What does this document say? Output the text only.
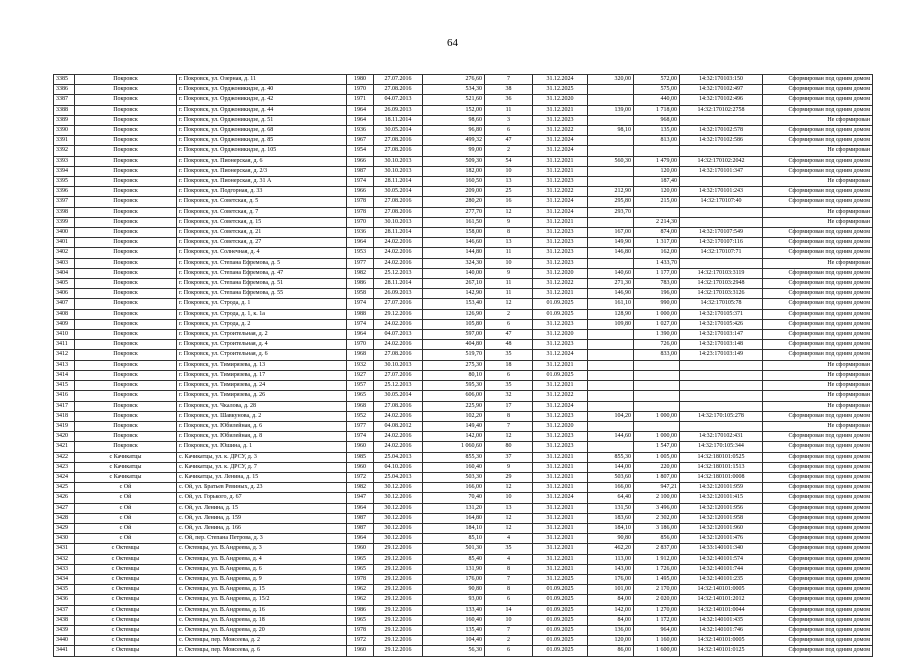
64
3385	Покровск	г. Покровск, ул. Озерная, д. 11	1980	27.07.2016	276,60	7	31.12.2024	320,00	572,00	14:32:170103:150	Сформирован под одним домом
3386	Покровск	г. Покровск, ул. Орджоникидзе, д. 40	1970	27.08.2016	534,30	38	31.12.2025		575,00	14:32:170102:497	Сформирован под одним домом
3387	Покровск	г. Покровск, ул. Орджоникидзе, д. 42	1971	04.07.2013	521,60	36	31.12.2020		440,00	14:32:170102:496	Сформирован под одним домом
3388	Покровск	г. Покровск, ул. Орджоникидзе, д. 44	1964	26.09.2013	152,00	11	31.12.2021	139,00	1 718,00	14:32:170102:2758	Сформирован под одним домом
3389	Покровск	г. Покровск, ул. Орджоникидзе, д. 51	1964	18.11.2014	98,60	3	31.12.2023		968,00		Не сформирован
3390	Покровск	г. Покровск, ул. Орджоникидзе, д. 68	1936	30.05.2014	96,80	6	31.12.2022	98,10	135,00	14:32:170102:578	Сформирован под одним домом
3391	Покровск	г. Покровск, ул. Орджоникидзе, д. 85	1967	27.08.2016	499,32	47	31.12.2024		813,00	14:32:170102:586	Сформирован под одним домом
3392	Покровск	г. Покровск, ул. Орджоникидзе, д. 105	1954	27.08.2016	99,00	2	31.12.2024				Не сформирован
3393	Покровск	г. Покровск, ул. Пионерская, д. 6	1966	30.10.2013	509,30	54	31.12.2021	560,30	1 479,00	14:32:170102:2042	Сформирован под одним домом
3394	Покровск	г. Покровск, ул. Пионерская, д. 2/3	1987	30.10.2013	182,00	10	31.12.2021		120,00	14:32:170101:347	Сформирован под одним домом
3395	Покровск	г. Покровск, ул. Пионерская, д. 31 А	1974	28.11.2014	160,50	13	31.12.2023		187,40		Не сформирован
3396	Покровск	г. Покровск, ул. Подгорная, д. 33	1966	30.05.2014	209,00	25	31.12.2022	212,90	120,00	14:32:170101:243	Сформирован под одним домом
3397	Покровск	г. Покровск, ул. Советская, д. 5	1978	27.08.2016	280,20	16	31.12.2024	295,80	215,00	14:32:170107:40	Сформирован под одним домом
3398	Покровск	г. Покровск, ул. Советская, д. 7	1978	27.08.2016	277,70	12	31.12.2024	293,70			Не сформирован
3399	Покровск	г. Покровск, ул. Советская, д. 15	1970	30.10.2013	161,50	9	31.12.2021		2 214,30		Не сформирован
3400	Покровск	г. Покровск, ул. Советская, д. 21	1936	28.11.2014	158,00	8	31.12.2023	167,00	874,00	14:32:170107:549	Сформирован под одним домом
3401	Покровск	г. Покровск, ул. Советская, д. 27	1964	24.02.2016	146,60	13	31.12.2023	149,90	1 317,00	14:32:170107:116	Сформирован под одним домом
3402	Покровск	г. Покровск, ул. Солнечная, д. 4	1953	24.02.2016	144,80	11	31.12.2023	146,80	162,00	14:32:170107:71	Сформирован под одним домом
3403	Покровск	г. Покровск, ул. Степана Ефремова, д. 5	1977	24.02.2016	324,30	10	31.12.2023		1 433,70		Не сформирован
3404	Покровск	г. Покровск, ул. Степана Ефремова, д. 47	1982	25.12.2013	140,00	9	31.12.2020	140,60	1 177,00	14:32:170103:3119	Сформирован под одним домом
3405	Покровск	г. Покровск, ул. Степана Ефремова, д. 51	1986	28.11.2014	267,10	11	31.12.2022	271,30	783,00	14:32:170103:2948	Сформирован под одним домом
3406	Покровск	г. Покровск, ул. Степана Ефремова, д. 55	1958	26.09.2013	142,90	11	31.12.2021	146,90	196,00	14:32:170103:3126	Сформирован под одним домом
3407	Покровск	г. Покровск, ул. Строда, д. 1	1974	27.07.2016	153,40	12	01.09.2025	161,10	990,00	14:32:170105:78	Сформирован под одним домом
3408	Покровск	г. Покровск, ул. Строда, д. 1, к. 1а	1988	29.12.2016	126,90	2	01.09.2025	128,90	1 000,00	14:32:170105:371	Сформирован под одним домом
3409	Покровск	г. Покровск, ул. Строда, д. 2	1974	24.02.2016	105,80	6	31.12.2023	109,80	1 027,00	14:32:170105:426	Сформирован под одним домом
3410	Покровск	г. Покровск, ул. Строительная, д. 2	1964	04.07.2013	597,00	47	31.12.2020		1 390,00	14:32:170103:147	Сформирован под одним домом
3411	Покровск	г. Покровск, ул. Строительная, д. 4	1970	24.02.2016	404,80	48	31.12.2023		726,00	14:32:170103:148	Сформирован под одним домом
3412	Покровск	г. Покровск, ул. Строительная, д. 6	1968	27.08.2016	519,70	35	31.12.2024		833,00	14:23:170103:149	Сформирован под одним домом
3413	Покровск	г. Покровск, ул. Тимирязева, д. 13	1932	30.10.2013	275,30	18	31.12.2021				Не сформирован
3414	Покровск	г. Покровск, ул. Тимирязева, д. 17	1927	27.07.2016	80,10	6	01.09.2025				Не сформирован
3415	Покровск	г. Покровск, ул. Тимирязева, д. 24	1957	25.12.2013	595,30	35	31.12.2021				Не сформирован
3416	Покровск	г. Покровск, ул. Тимирязева, д. 26	1965	30.05.2014	606,00	32	31.12.2022				Не сформирован
3417	Покровск	г. Покровск, ул. Чкалова, д. 28	1968	27.08.2016	225,90	17	31.12.2024				Не сформирован
3418	Покровск	г. Покровск, ул. Шавкунова, д. 2	1952	24.02.2016	102,20	8	31.12.2023	104,20	1 000,00	14:32:170:105:278	Сформирован под одним домом
3419	Покровск	г. Покровск, ул. Юбилейная, д. 6	1977	04.08.2012	149,40	7	31.12.2020				Не сформирован
3420	Покровск	г. Покровск, ул. Юбилейная, д. 8	1974	24.02.2016	142,00	12	31.12.2023	144,60	1 000,00	14:32:170102:431	Сформирован под одним домом
3421	Покровск	г. Покровск, ул. Юшина, д. 1	1960	24.02.2016	1 060,60	80	31.12.2023		1 547,00	14:32:170:105:344	Сформирован под одним домом
3422	с Качикатцы	с. Качикатцы, ул. к. ДРСУ, д. 3	1985	25.04.2013	855,30	37	31.12.2021	855,30	1 005,00	14:32:180101:0525	Сформирован под одним домом
3423	с Качикатцы	с. Качикатцы, ул. к. ДРСУ, д. 7	1960	04.10.2016	160,40	9	31.12.2021	144,00	220,00	14:32:180101:1513	Сформирован под одним домом
3424	с Качикатцы	с. Качикатцы, ул. Ленина, д. 15	1972	25.04.2013	503,30	29	31.12.2021	503,60	1 807,00	14:32:180101:0008	Сформирован под одним домом
3425	с Ой	с. Ой, ул. Братьев Ревиных, д. 23	1982	30.12.2016	166,00	12	31.12.2021	166,00	947,21	14:32:120101:959	Сформирован под одним домом
3426	с Ой	с. Ой, ул. Горького, д. 67	1947	30.12.2016	70,40	10	31.12.2024	64,40	2 100,00	14:32:120101:415	Сформирован под одним домом
3427	с Ой	с. Ой, ул. Ленина, д. 15	1964	30.12.2016	131,20	13	31.12.2021	131,50	3 496,00	14:32:120101:956	Сформирован под одним домом
3428	с Ой	с. Ой, ул. Ленина, д. 159	1987	30.12.2016	164,80	12	31.12.2021	183,60	2 302,00	14:32:120101:958	Сформирован под одним домом
3429	с Ой	с. Ой, ул. Ленина, д. 166	1987	30.12.2016	184,10	12	31.12.2021	184,10	3 186,00	14:32:120101:960	Сформирован под одним домом
3430	с Ой	с. Ой, пер. Степана Петрова, д. 3	1964	30.12.2016	85,10	4	31.12.2021	90,80	856,00	14:32:120101:476	Сформирован под одним домом
3431	с Октемцы	с. Октемцы, ул. В.Андреева, д. 3	1960	29.12.2016	501,30	35	31.12.2021	462,20	2 837,00	14:33:140101:340	Сформирован под одним домом
3432	с Октемцы	с. Октемцы, ул. В.Андреева, д. 4	1965	29.12.2016	85,40	4	31.12.2021	113,00	1 912,00	14:32:140101:574	Сформирован под одним домом
3433	с Октемцы	с. Октемцы, ул. В.Андреева, д. 6	1965	29.12.2016	131,90	8	31.12.2021	143,00	1 726,00	14:32:140101:744	Сформирован под одним домом
3434	с Октемцы	с. Октемцы, ул. В.Андреева, д. 9	1978	29.12.2016	176,00	7	31.12.2025	176,00	1 495,00	14:32:140101:235	Сформирован под одним домом
3435	с Октемцы	с. Октемцы, ул. В.Андреева, д. 15	1962	29.12.2016	90,80	8	01.09.2025	101,00	2 170,00	14:32:140101:0005	Сформирован под одним домом
3436	с Октемцы	с. Октемцы, ул. В.Андреева, д. 15/2	1962	29.12.2016	93,00	6	01.09.2025	84,00	2 020,00	14:32:140101:2012	Сформирован под одним домом
3437	с Октемцы	с. Октемцы, ул. В.Андреева, д. 16	1986	29.12.2016	133,40	14	01.09.2025	142,00	1 270,00	14:32:140101:0044	Сформирован под одним домом
3438	с Октемцы	с. Октемцы, ул. В.Андреева, д. 18	1965	29.12.2016	160,40	10	01.09.2025	84,00	1 172,00	14:32:140101:435	Сформирован под одним домом
3439	с Октемцы	с. Октемцы, ул. В.Андреева, д. 20	1978	29.12.2016	135,40	7	01.09.2025	136,00	964,00	14:32:140101:746	Сформирован под одним домом
3440	с Октемцы	с. Октемцы, пер. Моисеева, д. 2	1972	29.12.2016	104,40	2	01.09.2025	120,00	1 160,00	14:32:140101:0005	Сформирован под одним домом
3441	с Октемцы	с. Октемцы, пер. Моисеева, д. 6	1960	29.12.2016	56,30	6	01.09.2025	86,00	1 600,00	14:32:140101:0125	Сформирован под одним домом
